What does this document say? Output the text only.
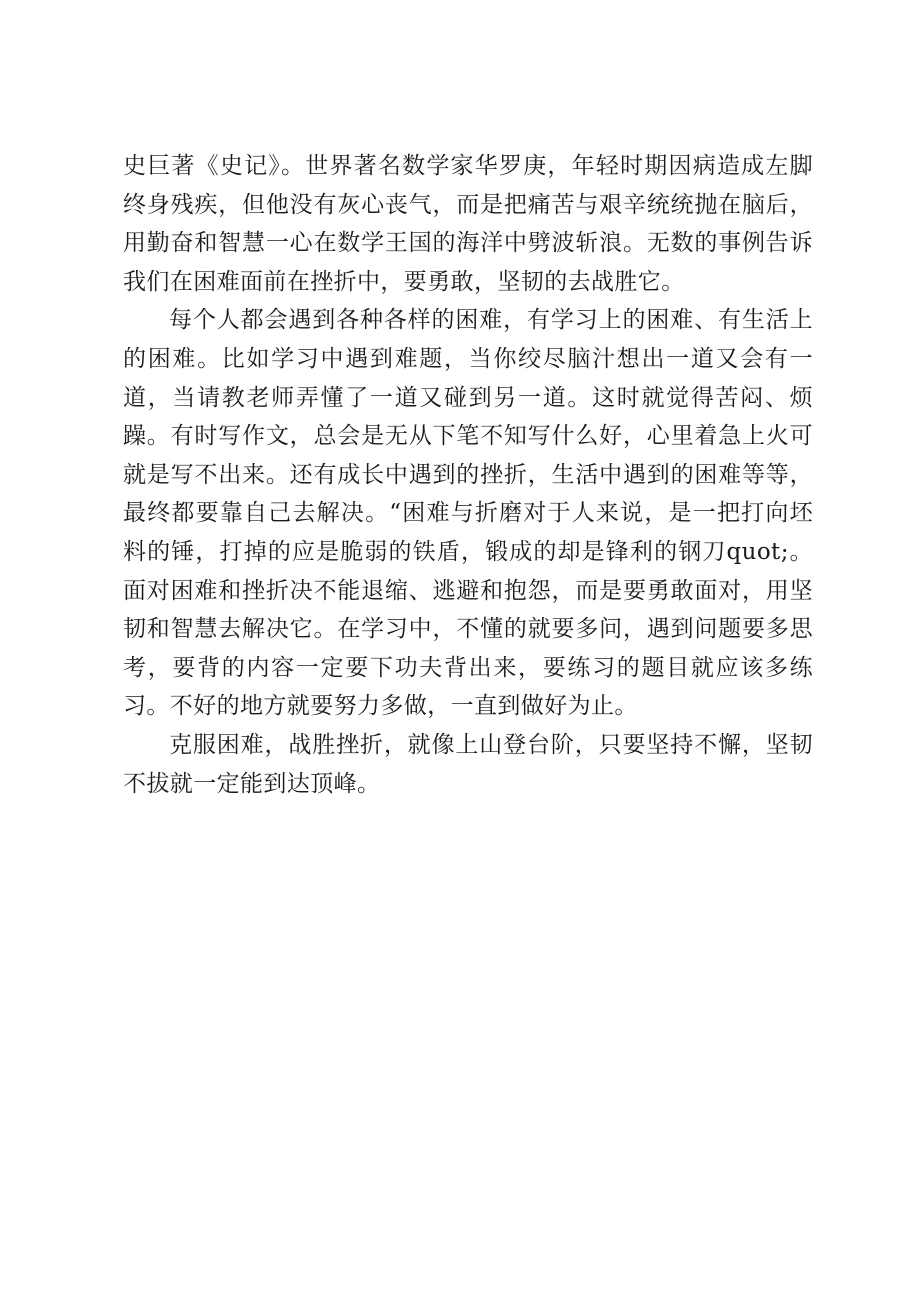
史巨著《史记》。世界著名数学家华罗庚，年轻时期因病造成左脚终身残疾，但他没有灰心丧气，而是把痛苦与艰辛统统抛在脑后，用勤奋和智慧一心在数学王国的海洋中劈波斩浪。无数的事例告诉我们在困难面前在挫折中，要勇敢，坚韧的去战胜它。

每个人都会遇到各种各样的困难，有学习上的困难、有生活上的困难。比如学习中遇到难题，当你绞尽脑汁想出一道又会有一道，当请教老师弄懂了一道又碰到另一道。这时就觉得苦闷、烦躁。有时写作文，总会是无从下笔不知写什么好，心里着急上火可就是写不出来。还有成长中遇到的挫折，生活中遇到的困难等等，最终都要靠自己去解决。“困难与折磨对于人来说，是一把打向坯料的锤，打掉的应是脆弱的铁盾，锻成的却是锋利的钢刀quot;。面对困难和挫折决不能退缩、逃避和抱怨，而是要勇敢面对，用坚韧和智慧去解决它。在学习中，不懂的就要多问，遇到问题要多思考，要背的内容一定要下功夫背出来，要练习的题目就应该多练习。不好的地方就要努力多做，一直到做好为止。

克服困难，战胜挫折，就像上山登台阶，只要坚持不懈，坚韧不拔就一定能到达顶峰。
